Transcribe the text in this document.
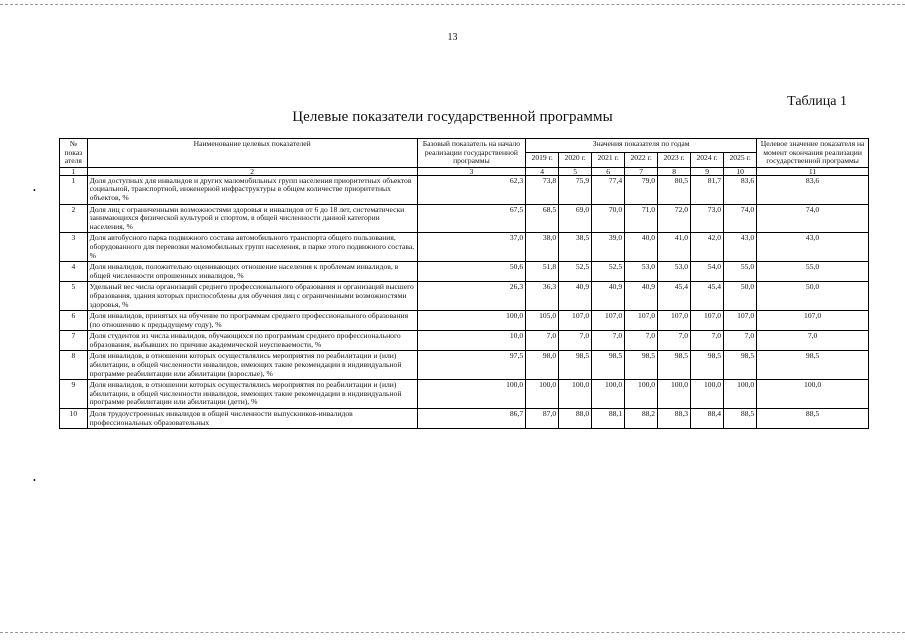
13
Таблица 1
Целевые показатели государственной программы
•
•
№ показ ателя	Наименование целевых показателей	Базовый показатель на начало реализации государственной программы	Значения показателя по годам							Целевое значение показателя на момент окончания реализации государственной программы
			2019 г.	2020 г.	2021 г.	2022 г.	2023 г.	2024 г.	2025 г.	
1	2	3	4	5	6	7	8	9	10	11
1	Доля доступных для инвалидов и других маломобильных групп населения приоритетных объектов социальной, транспортной, инженерной инфраструктуры в общем количестве приоритетных объектов, %	62,3	73,8	75,9	77,4	79,0	80,5	81,7	83,6	83,6
2	Доля лиц с ограниченными возможностями здоровья и инвалидов от 6 до 18 лет, систематически занимающихся физической культурой и спортом, в общей численности данной категории населения, %	67,5	68,5	69,0	70,0	71,0	72,0	73,0	74,0	74,0
3	Доля автобусного парка подвижного состава автомобильного транспорта общего пользования, оборудованного для перевозки маломобильных групп населения, в парке этого подвижного состава, %	37,0	38,0	38,5	39,0	40,0	41,0	42,0	43,0	43,0
4	Доля инвалидов, положительно оценивающих отношение населения к проблемам инвалидов, в общей численности опрошенных инвалидов, %	50,6	51,8	52,5	52,5	53,0	53,0	54,0	55,0	55,0
5	Удельный вес числа организаций среднего профессионального образования и организаций высшего образования, здания которых приспособлены для обучения лиц с ограниченными возможностями здоровья, %	26,3	36,3	40,9	40,9	40,9	45,4	45,4	50,0	50,0
6	Доля инвалидов, принятых на обучение по программам среднего профессионального образования (по отношению к предыдущему году), %	100,0	105,0	107,0	107,0	107,0	107,0	107,0	107,0	107,0
7	Доля студентов из числа инвалидов, обучающихся по программам среднего профессионального образования, выбывших по причине академической неуспеваемости, %	10,0	7,0	7,0	7,0	7,0	7,0	7,0	7,0	7,0
8	Доля инвалидов, в отношении которых осуществлялись мероприятия по реабилитации и (или) абилитации, в общей численности инвалидов, имеющих такие рекомендации в индивидуальной программе реабилитации или абилитации (взрослые), %	97,5	98,0	98,5	98,5	98,5	98,5	98,5	98,5	98,5
9	Доля инвалидов, в отношении которых осуществлялись мероприятия по реабилитации и (или) абилитации, в общей численности инвалидов, имеющих такие рекомендации в индивидуальной программе реабилитации или абилитации (дети), %	100,0	100,0	100,0	100,0	100,0	100,0	100,0	100,0	100,0
10	Доля трудоустроенных инвалидов в общей численности выпускников-инвалидов профессиональных образовательных	86,7	87,0	88,0	88,1	88,2	88,3	88,4	88,5	88,5
